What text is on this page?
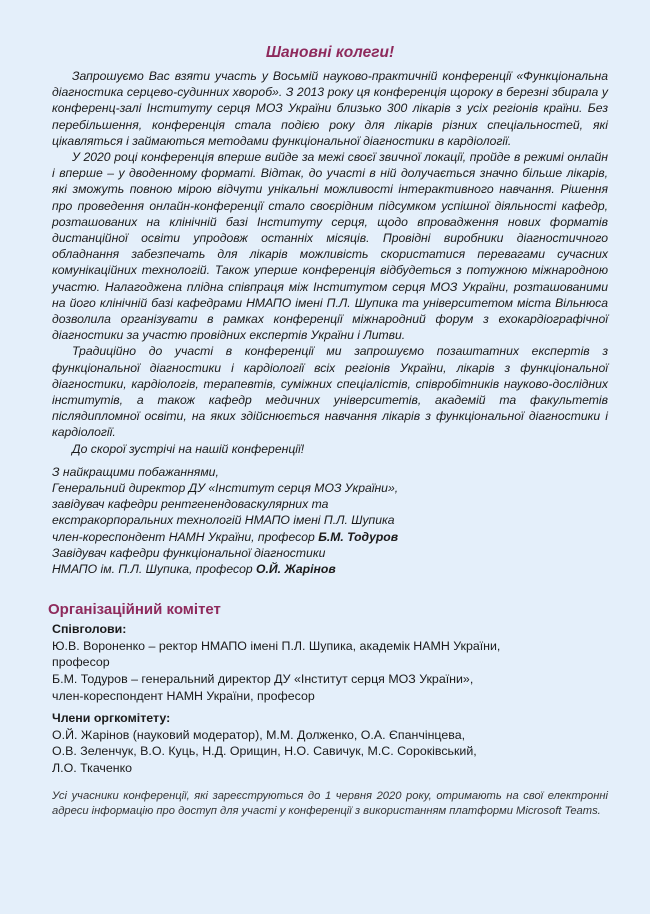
Шановні колеги!

Запрошуємо Вас взяти участь у Восьмій науково-практичній конференції «Функціональна діагностика серцево-судинних хвороб». З 2013 року ця конференція щороку в березні збирала у конференц-залі Інституту серця МОЗ України близько 300 лікарів з усіх регіонів країни. Без перебільшення, конференція стала подією року для лікарів різних спеціальностей, які цікавляться і займаються методами функціональної діагностики в кардіології.

У 2020 році конференція вперше вийде за межі своєї звичної локації, пройде в режимі онлайн і вперше – у дводенному форматі. Відтак, до участі в ній долучається значно більше лікарів, які зможуть повною мірою відчути унікальні можливості інтерактивного навчання. Рішення про проведення онлайн-конференції стало своєрідним підсумком успішної діяльності кафедр, розташованих на клінічній базі Інституту серця, щодо впровадження нових форматів дистанційної освіти упродовж останніх місяців. Провідні виробники діагностичного обладнання забезпечать для лікарів можливість скористатися перевагами сучасних комунікаційних технологій. Також уперше конференція відбудеться з потужною міжнародною участю. Налагоджена плідна співпраця між Інститутом серця МОЗ України, розташованими на його клінічній базі кафедрами НМАПО імені П.Л. Шупика та університетом міста Вільнюса дозволила організувати в рамках конференції міжнародний форум з ехокардіографічної діагностики за участю провідних експертів України і Литви.

Традиційно до участі в конференції ми запрошуємо позаштатних експертів з функціональної діагностики і кардіології всіх регіонів України, лікарів з функціональної діагностики, кардіологів, терапевтів, суміжних спеціалістів, співробітників науково-дослідних інститутів, а також кафедр медичних університетів, академій та факультетів післядипломної освіти, на яких здійснюється навчання лікарів з функціональної діагностики і кардіології.

До скорої зустрічі на нашій конференції!

З найкращими побажаннями,
Генеральний директор ДУ «Інститут серця МОЗ України»,
завідувач кафедри рентгенендоваскулярних та
екстракорпоральних технологій НМАПО імені П.Л. Шупика
член-кореспондент НАМН України, професор Б.М. Тодуров
Завідувач кафедри функціональної діагностики
НМАПО ім. П.Л. Шупика, професор О.Й. Жарінов
Організаційний комітет
Співголови:
Ю.В. Вороненко – ректор НМАПО імені П.Л. Шупика, академік НАМН України,
професор
Б.М. Тодуров – генеральний директор ДУ «Інститут серця МОЗ України»,
член-кореспондент НАМН України, професор
Члени оргкомітету:
О.Й. Жарінов (науковий модератор), М.М. Долженко, О.А. Єпанчінцева,
О.В. Зеленчук, В.О. Куць, Н.Д. Орищин, Н.О. Савичук, М.С. Сороківський,
Л.О. Ткаченко
Усі учасники конференції, які зареєструються до 1 червня 2020 року, отримають на свої електронні адреси інформацію про доступ для участі у конференції з використанням платформи Microsoft Teams.
